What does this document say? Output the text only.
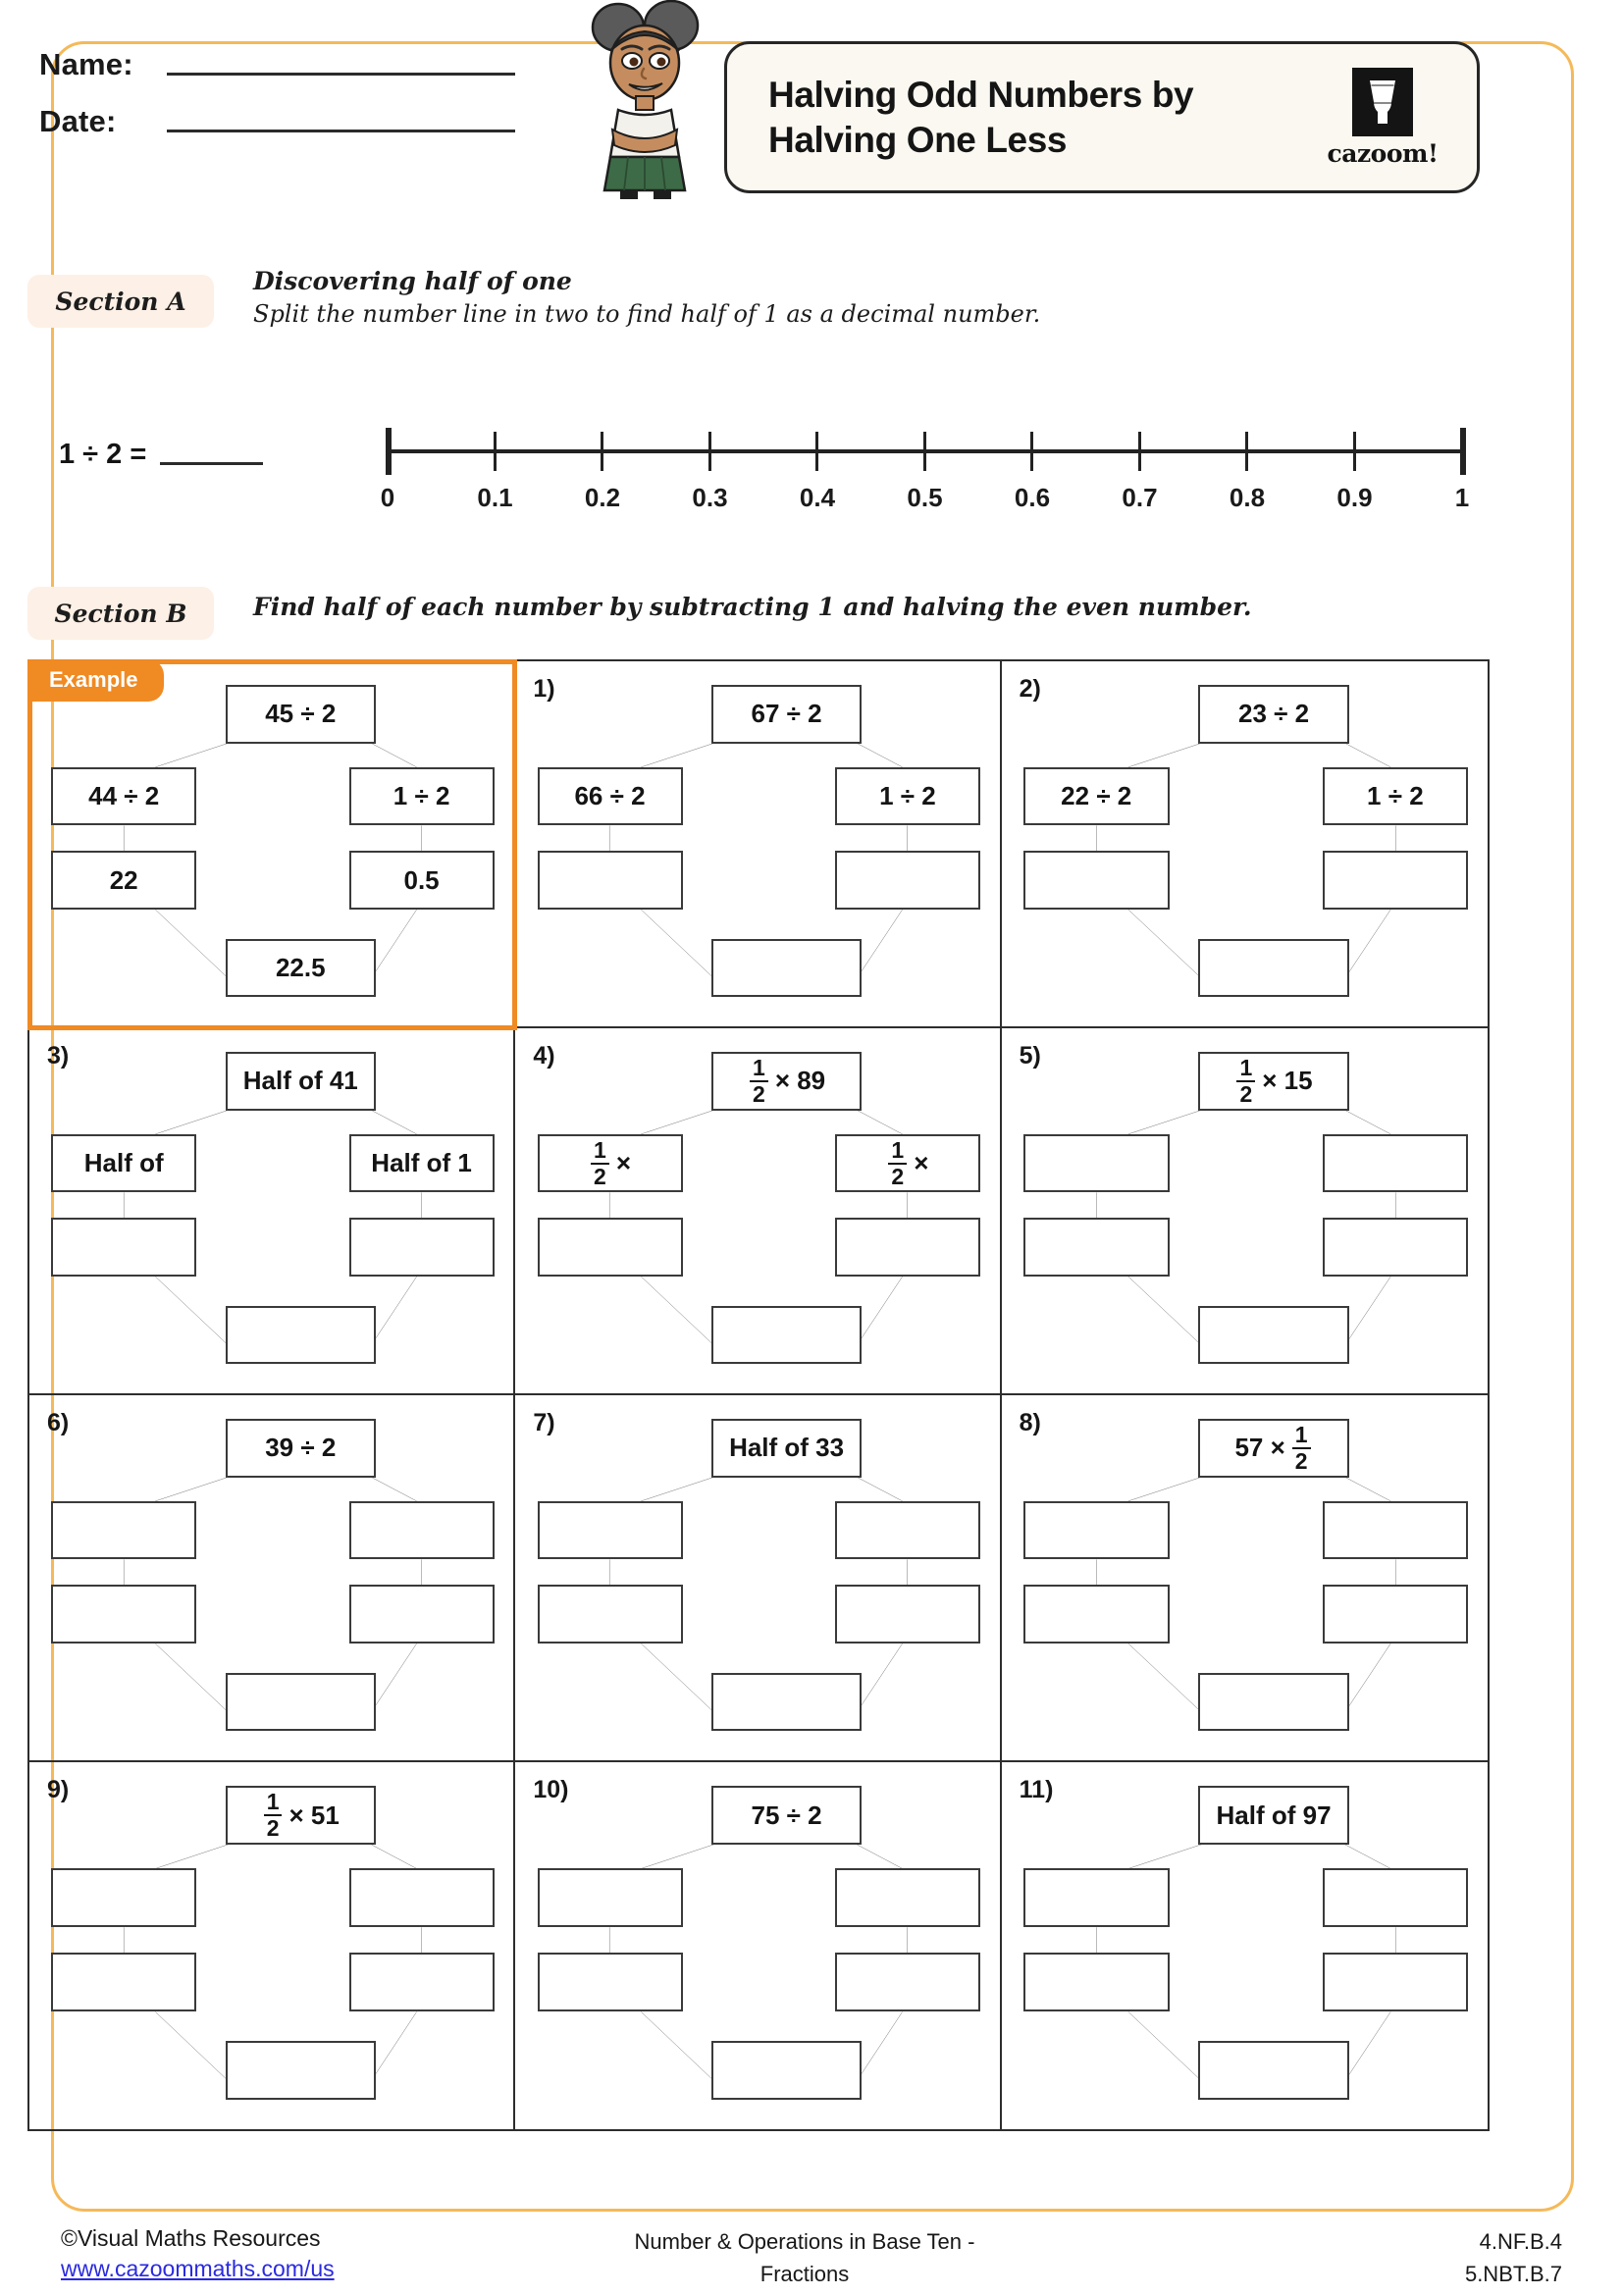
Name:
Date:
Halving Odd Numbers by Halving One Less	cazoom!
Section A
Discovering half of one
Split the number line in two to find half of 1 as a decimal number.
1 ÷ 2 =
0	0.1	0.2	0.3	0.4	0.5	0.6	0.7	0.8	0.9	1
Section B	Find half of each number by subtracting 1 and halving the even number.
Example
45 ÷ 2
44 ÷ 2	1 ÷ 2
22	0.5
22.5
1)
67 ÷ 2
66 ÷ 2	1 ÷ 2
2)
23 ÷ 2
22 ÷ 2	1 ÷ 2
3)
Half of 41
Half of	Half of 1
4)
$\frac{1}{2} \times 89$
$\frac{1}{2}$ ×	$\frac{1}{2}$ ×
5)
$\frac{1}{2} \times 15$
6)
39 ÷ 2
7)
Half of 33
8)
$57 \times \frac{1}{2}$
9)
$\frac{1}{2} \times 51$
10)
75 ÷ 2
11)
Half of 97
©Visual Maths Resources
www.cazoommaths.com/us
Number & Operations in Base Ten -
Fractions
4.NF.B.4
5.NBT.B.7
